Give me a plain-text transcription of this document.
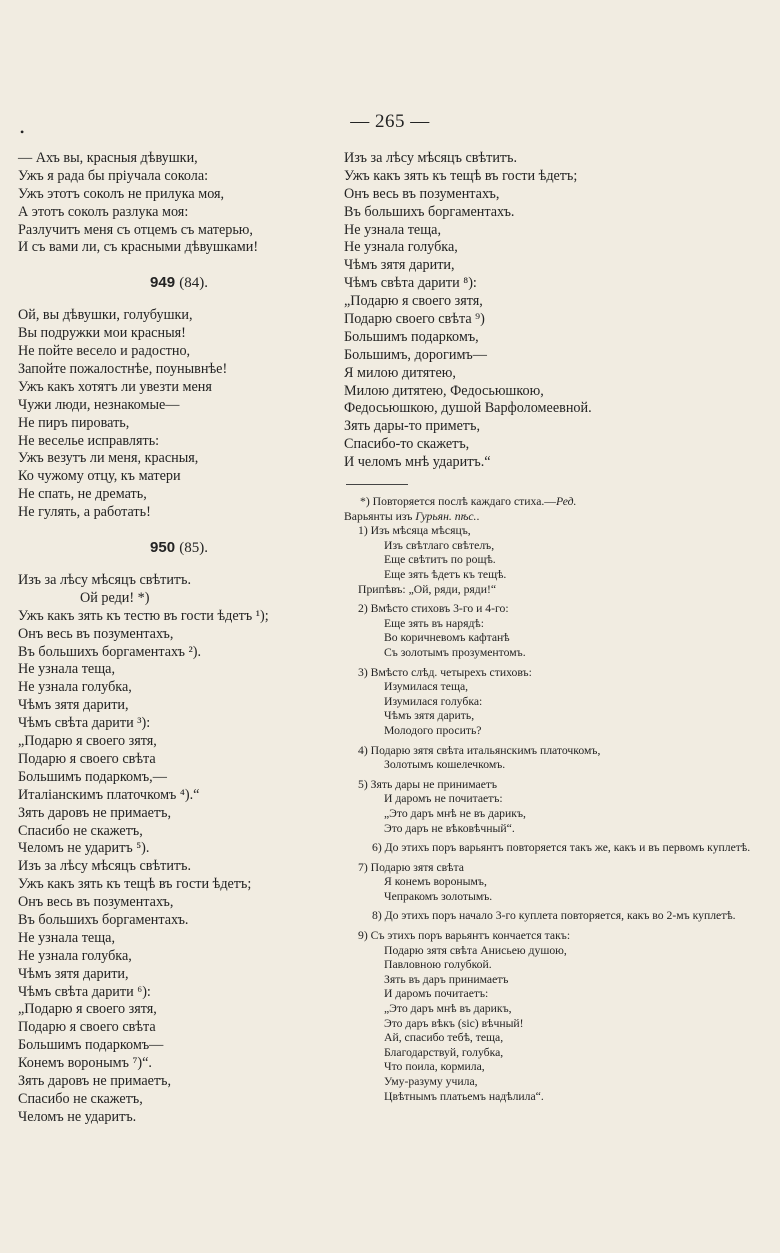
— 265 —
•
— Ахъ вы, красныя дѣвушки,
Ужъ я рада бы пріучала сокола:
Ужъ этотъ соколъ не прилука моя,
А этотъ соколъ разлука моя:
Разлучитъ меня съ отцемъ съ матерью,
И съ вами ли, съ красными дѣвушками!
949 (84).
Ой, вы дѣвушки, голубушки,
Вы подружки мои красныя!
Не пойте весело и радостно,
Запойте пожалостнѣе, поунывнѣе!
Ужъ какъ хотятъ ли увезти меня
Чужи люди, незнакомые—
Не пиръ пировать,
Не веселье исправлять:
Ужъ везутъ ли меня, красныя,
Ко чужому отцу, къ матери
Не спать, не дремать,
Не гулять, а работать!
950 (85).
Изъ за лѣсу мѣсяцъ свѣтитъ.
Ой реди! *)
Ужъ какъ зять къ тестю въ гости ѣдетъ ¹);
Онъ весь въ позументахъ,
Въ большихъ боргаментахъ ²).
Не узнала теща,
Не узнала голубка,
Чѣмъ зятя дарити,
Чѣмъ свѣта дарити ³):
„Подарю я своего зятя,
Подарю я своего свѣта
Большимъ подаркомъ,—
Италіанскимъ платочкомъ ⁴).“
Зять даровъ не примаетъ,
Спасибо не скажетъ,
Челомъ не ударитъ ⁵).
Изъ за лѣсу мѣсяцъ свѣтитъ.
Ужъ какъ зять къ тещѣ въ гости ѣдетъ;
Онъ весь въ позументахъ,
Въ большихъ боргаментахъ.
Не узнала теща,
Не узнала голубка,
Чѣмъ зятя дарити,
Чѣмъ свѣта дарити ⁶):
„Подарю я своего зятя,
Подарю я своего свѣта
Большимъ подаркомъ—
Конемъ воронымъ ⁷)“.
Зять даровъ не примаетъ,
Спасибо не скажетъ,
Челомъ не ударитъ.
Изъ за лѣсу мѣсяцъ свѣтитъ.
Ужъ какъ зять къ тещѣ въ гости ѣдетъ;
Онъ весь въ позументахъ,
Въ большихъ боргаментахъ.
Не узнала теща,
Не узнала голубка,
Чѣмъ зятя дарити,
Чѣмъ свѣта дарити ⁸):
„Подарю я своего зятя,
Подарю своего свѣта ⁹)
Большимъ подаркомъ,
Большимъ, дорогимъ—
Я милою дитятею,
Милою дитятею, Федосьюшкою,
Федосьюшкою, душой Варфоломеевной.
Зять дары-то приметъ,
Спасибо-то скажетъ,
И челомъ мнѣ ударитъ.“
*) Повторяется послѣ каждаго стиха.—Ред.
Варьянты изъ Гурьян. пѣс..
1) Изъ мѣсяца мѣсяцъ,
Изъ свѣтлаго свѣтелъ,
Еще свѣтитъ по рощѣ.
Еще зять ѣдетъ къ тещѣ.
Припѣвъ: „Ой, ряди, ряди!“
2) Вмѣсто стиховъ 3-го и 4-го:
Еще зять въ нарядѣ:
Во коричневомъ кафтанѣ
Съ золотымъ прозументомъ.
3) Вмѣсто слѣд. четырехъ стиховъ:
Изумилася теща,
Изумилася голубка:
Чѣмъ зятя дарить,
Молодого просить?
4) Подарю зятя свѣта итальянскимъ платочкомъ,
Золотымъ кошелечкомъ.
5) Зять дары не принимаетъ
И даромъ не почитаетъ:
„Это даръ мнѣ не въ дарикъ,
Это даръ не вѣковѣчный“.
6) До этихъ поръ варьянтъ повторяется такъ же, какъ и въ первомъ куплетѣ.
7) Подарю зятя свѣта
Я конемъ воронымъ,
Чепракомъ золотымъ.
8) До этихъ поръ начало 3-го куплета повторяется, какъ во 2-мъ куплетѣ.
9) Съ этихъ поръ варьянтъ кончается такъ:
Подарю зятя свѣта Анисьею душою,
Павловною голубкой.
Зять въ даръ принимаетъ
И даромъ почитаетъ:
„Это даръ мнѣ въ дарикъ,
Это даръ вѣкъ (sic) вѣчный!
Ай, спасибо тебѣ, теща,
Благодарствуй, голубка,
Что поила, кормила,
Уму-разуму учила,
Цвѣтнымъ платьемъ надѣлила“.
